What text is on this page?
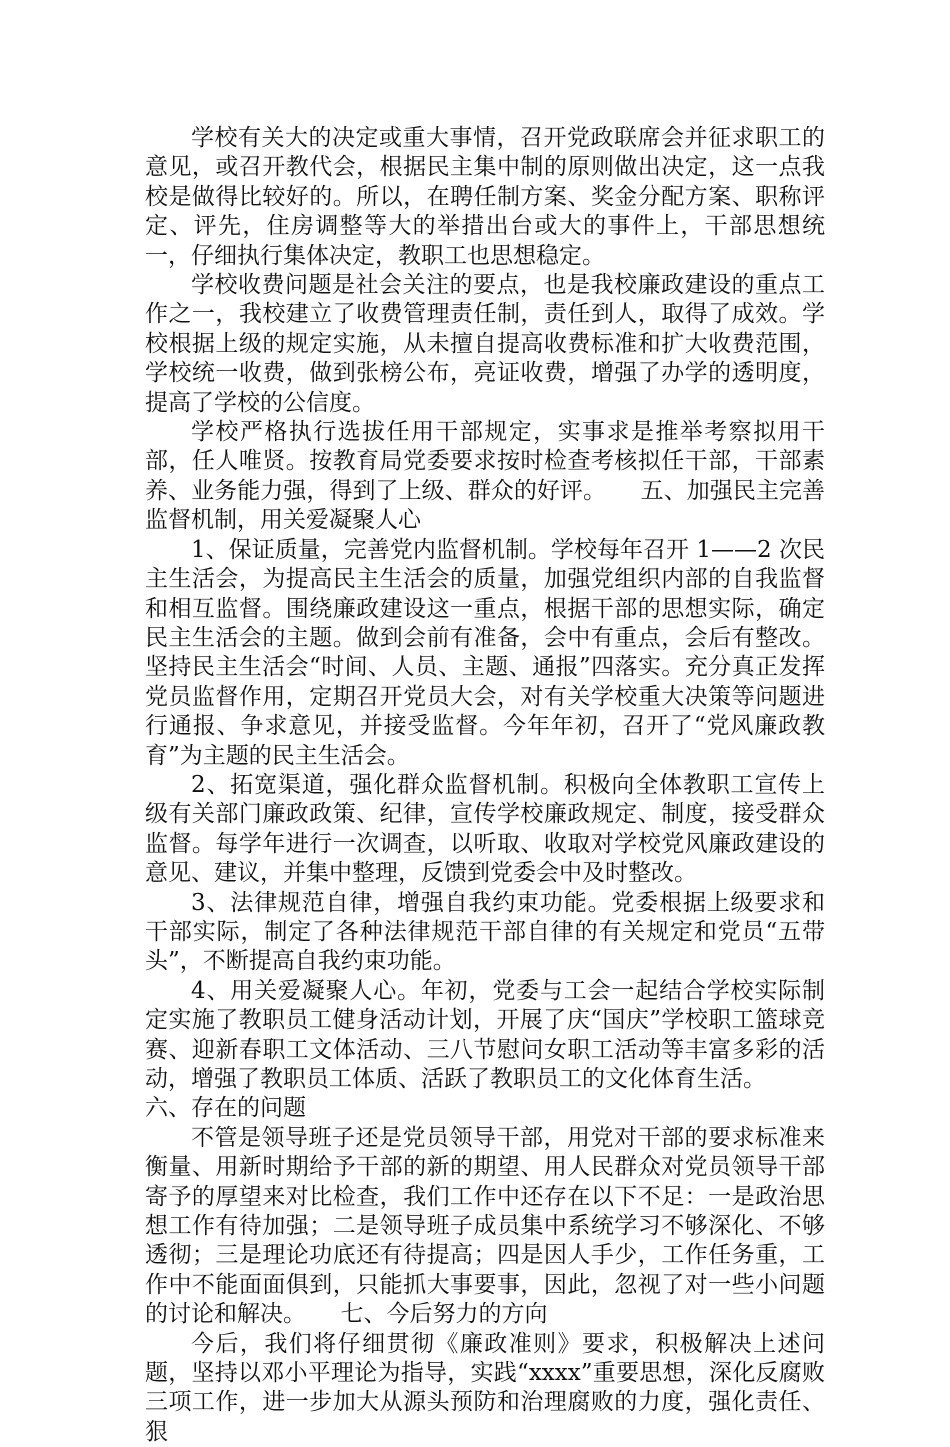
学校有关大的决定或重大事情，召开党政联席会并征求职工的意见，或召开教代会，根据民主集中制的原则做出决定，这一点我校是做得比较好的。所以，在聘任制方案、奖金分配方案、职称评定、评先，住房调整等大的举措出台或大的事件上，干部思想统一，仔细执行集体决定，教职工也思想稳定。

学校收费问题是社会关注的要点，也是我校廉政建设的重点工作之一，我校建立了收费管理责任制，责任到人，取得了成效。学校根据上级的规定实施，从未擅自提高收费标准和扩大收费范围，学校统一收费，做到张榜公布，亮证收费，增强了办学的透明度，提高了学校的公信度。

学校严格执行选拔任用干部规定，实事求是推举考察拟用干部，任人唯贤。按教育局党委要求按时检查考核拟任干部，干部素养、业务能力强，得到了上级、群众的好评。　　五、加强民主完善监督机制，用关爱凝聚人心

1、保证质量，完善党内监督机制。学校每年召开 1——2 次民主生活会，为提高民主生活会的质量，加强党组织内部的自我监督和相互监督。围绕廉政建设这一重点，根据干部的思想实际，确定民主生活会的主题。做到会前有准备，会中有重点，会后有整改。坚持民主生活会“时间、人员、主题、通报”四落实。充分真正发挥党员监督作用，定期召开党员大会，对有关学校重大决策等问题进行通报、争求意见，并接受监督。今年年初，召开了“党风廉政教育”为主题的民主生活会。

2、拓宽渠道，强化群众监督机制。积极向全体教职工宣传上级有关部门廉政政策、纪律，宣传学校廉政规定、制度，接受群众监督。每学年进行一次调查，以听取、收取对学校党风廉政建设的意见、建议，并集中整理，反馈到党委会中及时整改。

3、法律规范自律，增强自我约束功能。党委根据上级要求和干部实际，制定了各种法律规范干部自律的有关规定和党员“五带头”，不断提高自我约束功能。

4、用关爱凝聚人心。年初，党委与工会一起结合学校实际制定实施了教职员工健身活动计划，开展了庆“国庆”学校职工篮球竞赛、迎新春职工文体活动、三八节慰问女职工活动等丰富多彩的活动，增强了教职员工体质、活跃了教职员工的文化体育生活。

六、存在的问题

不管是领导班子还是党员领导干部，用党对干部的要求标准来衡量、用新时期给予干部的新的期望、用人民群众对党员领导干部寄予的厚望来对比检查，我们工作中还存在以下不足：一是政治思想工作有待加强；二是领导班子成员集中系统学习不够深化、不够透彻；三是理论功底还有待提高；四是因人手少，工作任务重，工作中不能面面俱到，只能抓大事要事，因此，忽视了对一些小问题的讨论和解决。　　七、今后努力的方向

今后，我们将仔细贯彻《廉政准则》要求，积极解决上述问题，坚持以邓小平理论为指导，实践“xxxx”重要思想，深化反腐败三项工作，进一步加大从源头预防和治理腐败的力度，强化责任、狠
